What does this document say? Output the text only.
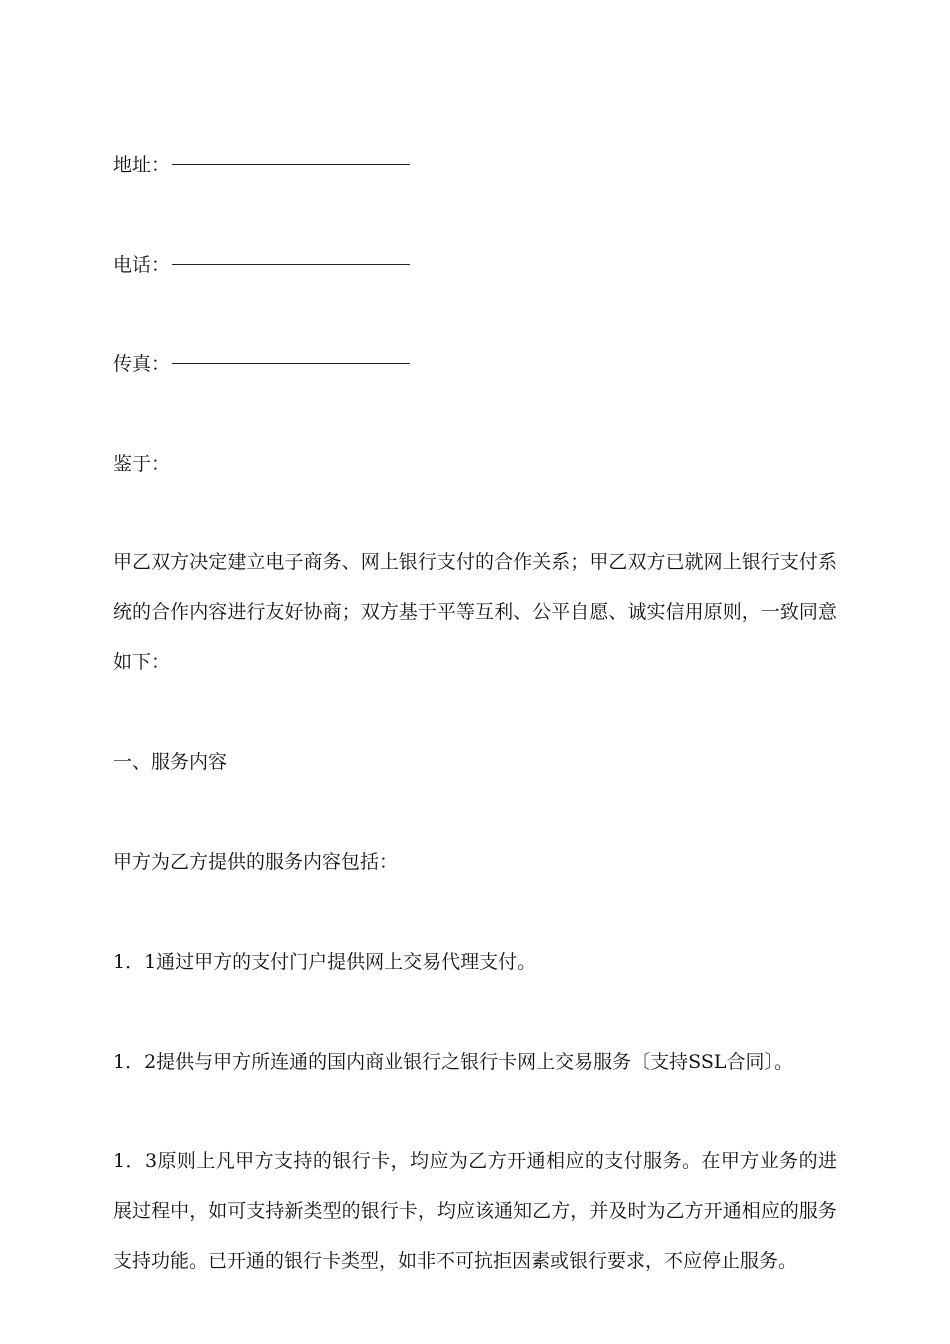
地址：
电话：
传真：
鉴于：
甲乙双方决定建立电子商务、网上银行支付的合作关系；甲乙双方已就网上银行支付系统的合作内容进行友好协商；双方基于平等互利、公平自愿、诚实信用原则，一致同意如下：
一、服务内容
甲方为乙方提供的服务内容包括：
1．1通过甲方的支付门户提供网上交易代理支付。
1．2提供与甲方所连通的国内商业银行之银行卡网上交易服务〔支持SSL合同〕。
1．3原则上凡甲方支持的银行卡，均应为乙方开通相应的支付服务。在甲方业务的进展过程中，如可支持新类型的银行卡，均应该通知乙方，并及时为乙方开通相应的服务支持功能。已开通的银行卡类型，如非不可抗拒因素或银行要求，不应停止服务。
